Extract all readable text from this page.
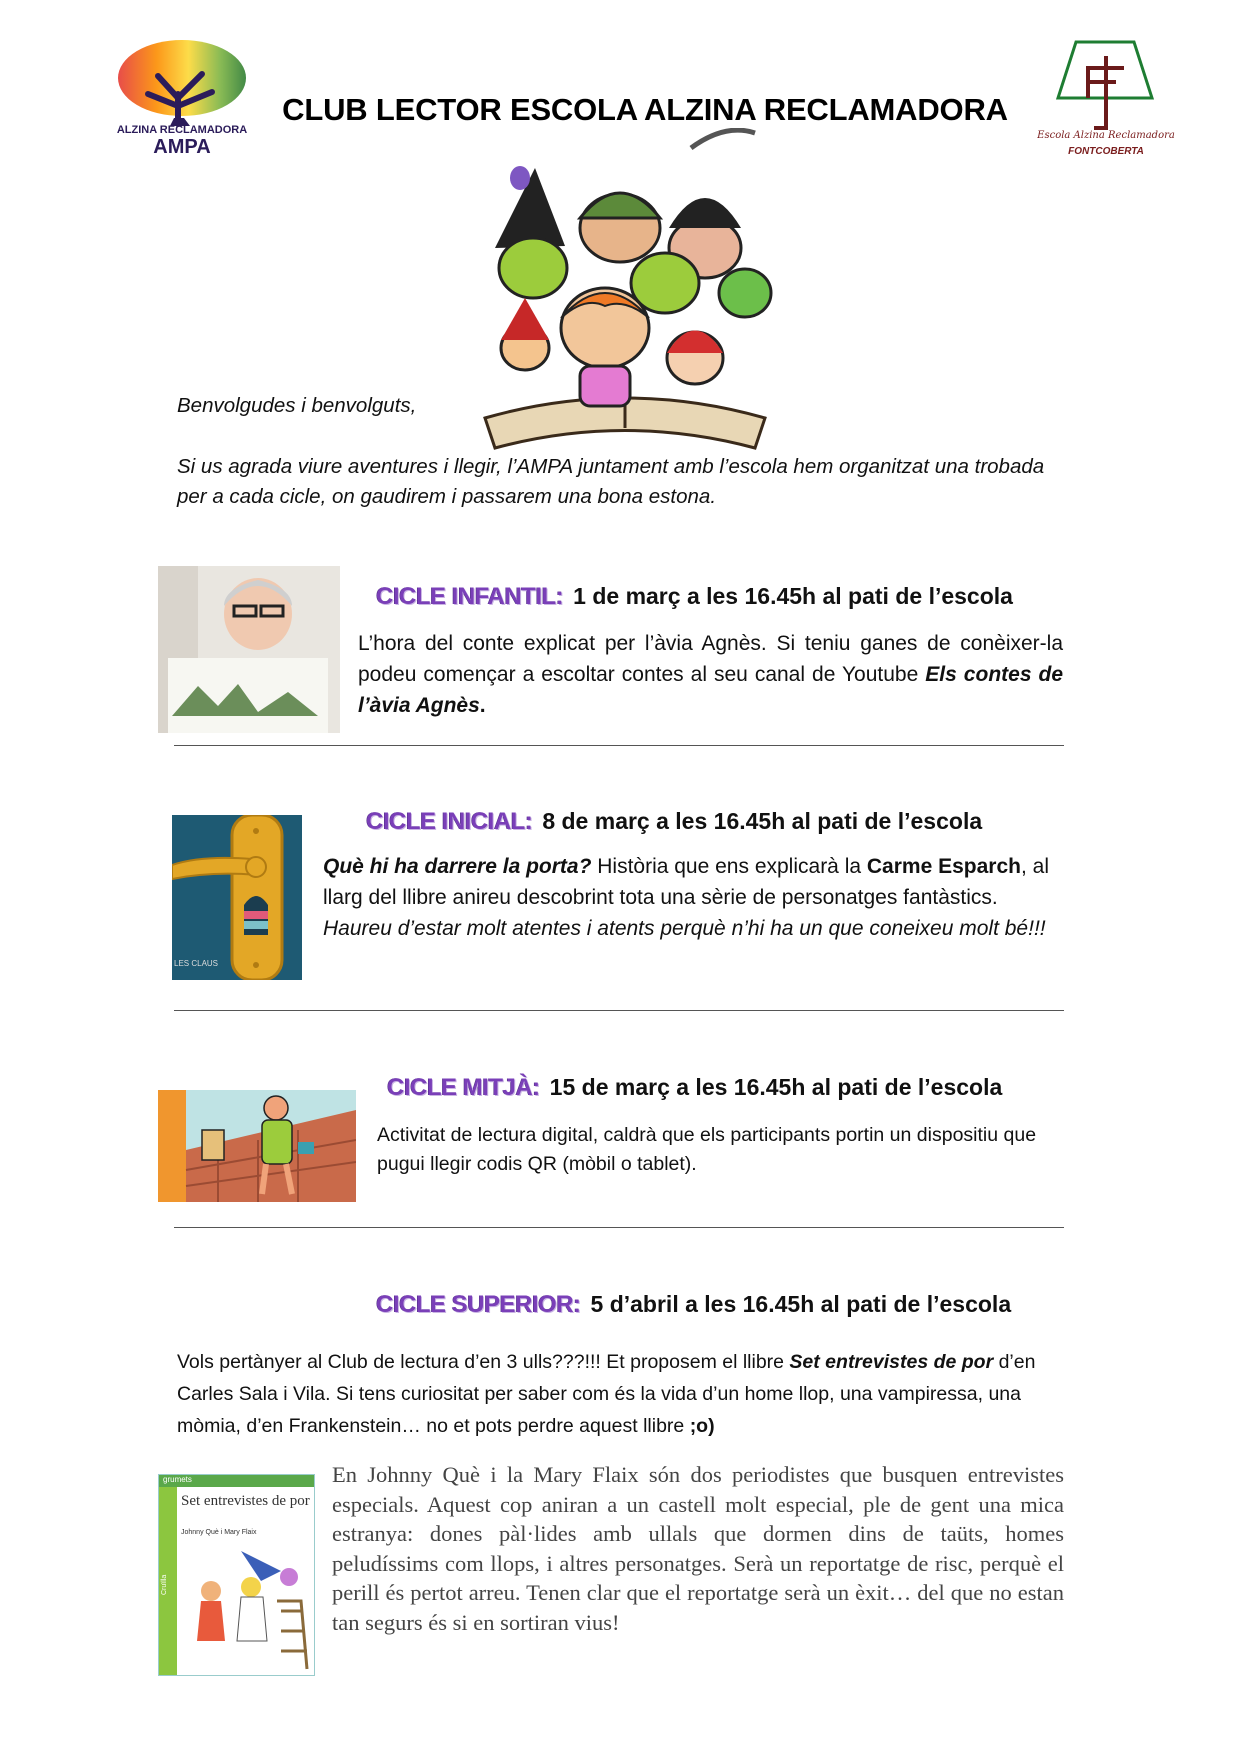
ALZINA RECLAMADORA
AMPA
Escola Alzina Reclamadora
FONTCOBERTA
CLUB LECTOR ESCOLA ALZINA RECLAMADORA
Benvolgudes i benvolguts,
Si us agrada viure aventures i llegir, l’AMPA juntament amb l’escola hem organitzat una trobada per a cada cicle, on gaudirem i passarem una bona estona.
CICLE INFANTIL: 1 de març a les 16.45h al pati de l’escola
L’hora del conte explicat per l’àvia Agnès. Si teniu ganes de conèixer-la podeu començar a escoltar contes al seu canal de Youtube Els contes de l’àvia Agnès.
LES CLAUS
CICLE INICIAL: 8 de març a les 16.45h al pati de l’escola
Què hi ha darrere la porta? Història que ens explicarà la Carme Esparch, al llarg del llibre anireu descobrint tota una sèrie de personatges fantàstics. Haureu d’estar molt atentes i atents perquè n’hi ha un que coneixeu molt bé!!!
CICLE MITJÀ: 15 de març a les 16.45h al pati de l’escola
Activitat de lectura digital, caldrà que els participants portin un dispositiu que pugui llegir codis QR (mòbil o tablet).
CICLE SUPERIOR: 5 d’abril a les 16.45h al pati de l’escola
Vols pertànyer al Club de lectura d’en 3 ulls???!!! Et proposem el llibre Set entrevistes de por d’en Carles Sala i Vila. Si tens curiositat per saber com és la vida d’un home llop, una vampiressa, una mòmia, d’en Frankenstein… no et pots perdre aquest llibre ;o)
grumets
Set entrevistes de por
Johnny Què i Mary Flaix
Cruïlla
En Johnny Què i la Mary Flaix són dos periodistes que busquen entrevistes especials. Aquest cop aniran a un castell molt especial, ple de gent una mica estranya: dones pàl·lides amb ullals que dormen dins de taüts, homes peludíssims com llops, i altres personatges. Serà un reportatge de risc, perquè el perill és pertot arreu. Tenen clar que el reportatge serà un èxit… del que no estan tan segurs és si en sortiran vius!
